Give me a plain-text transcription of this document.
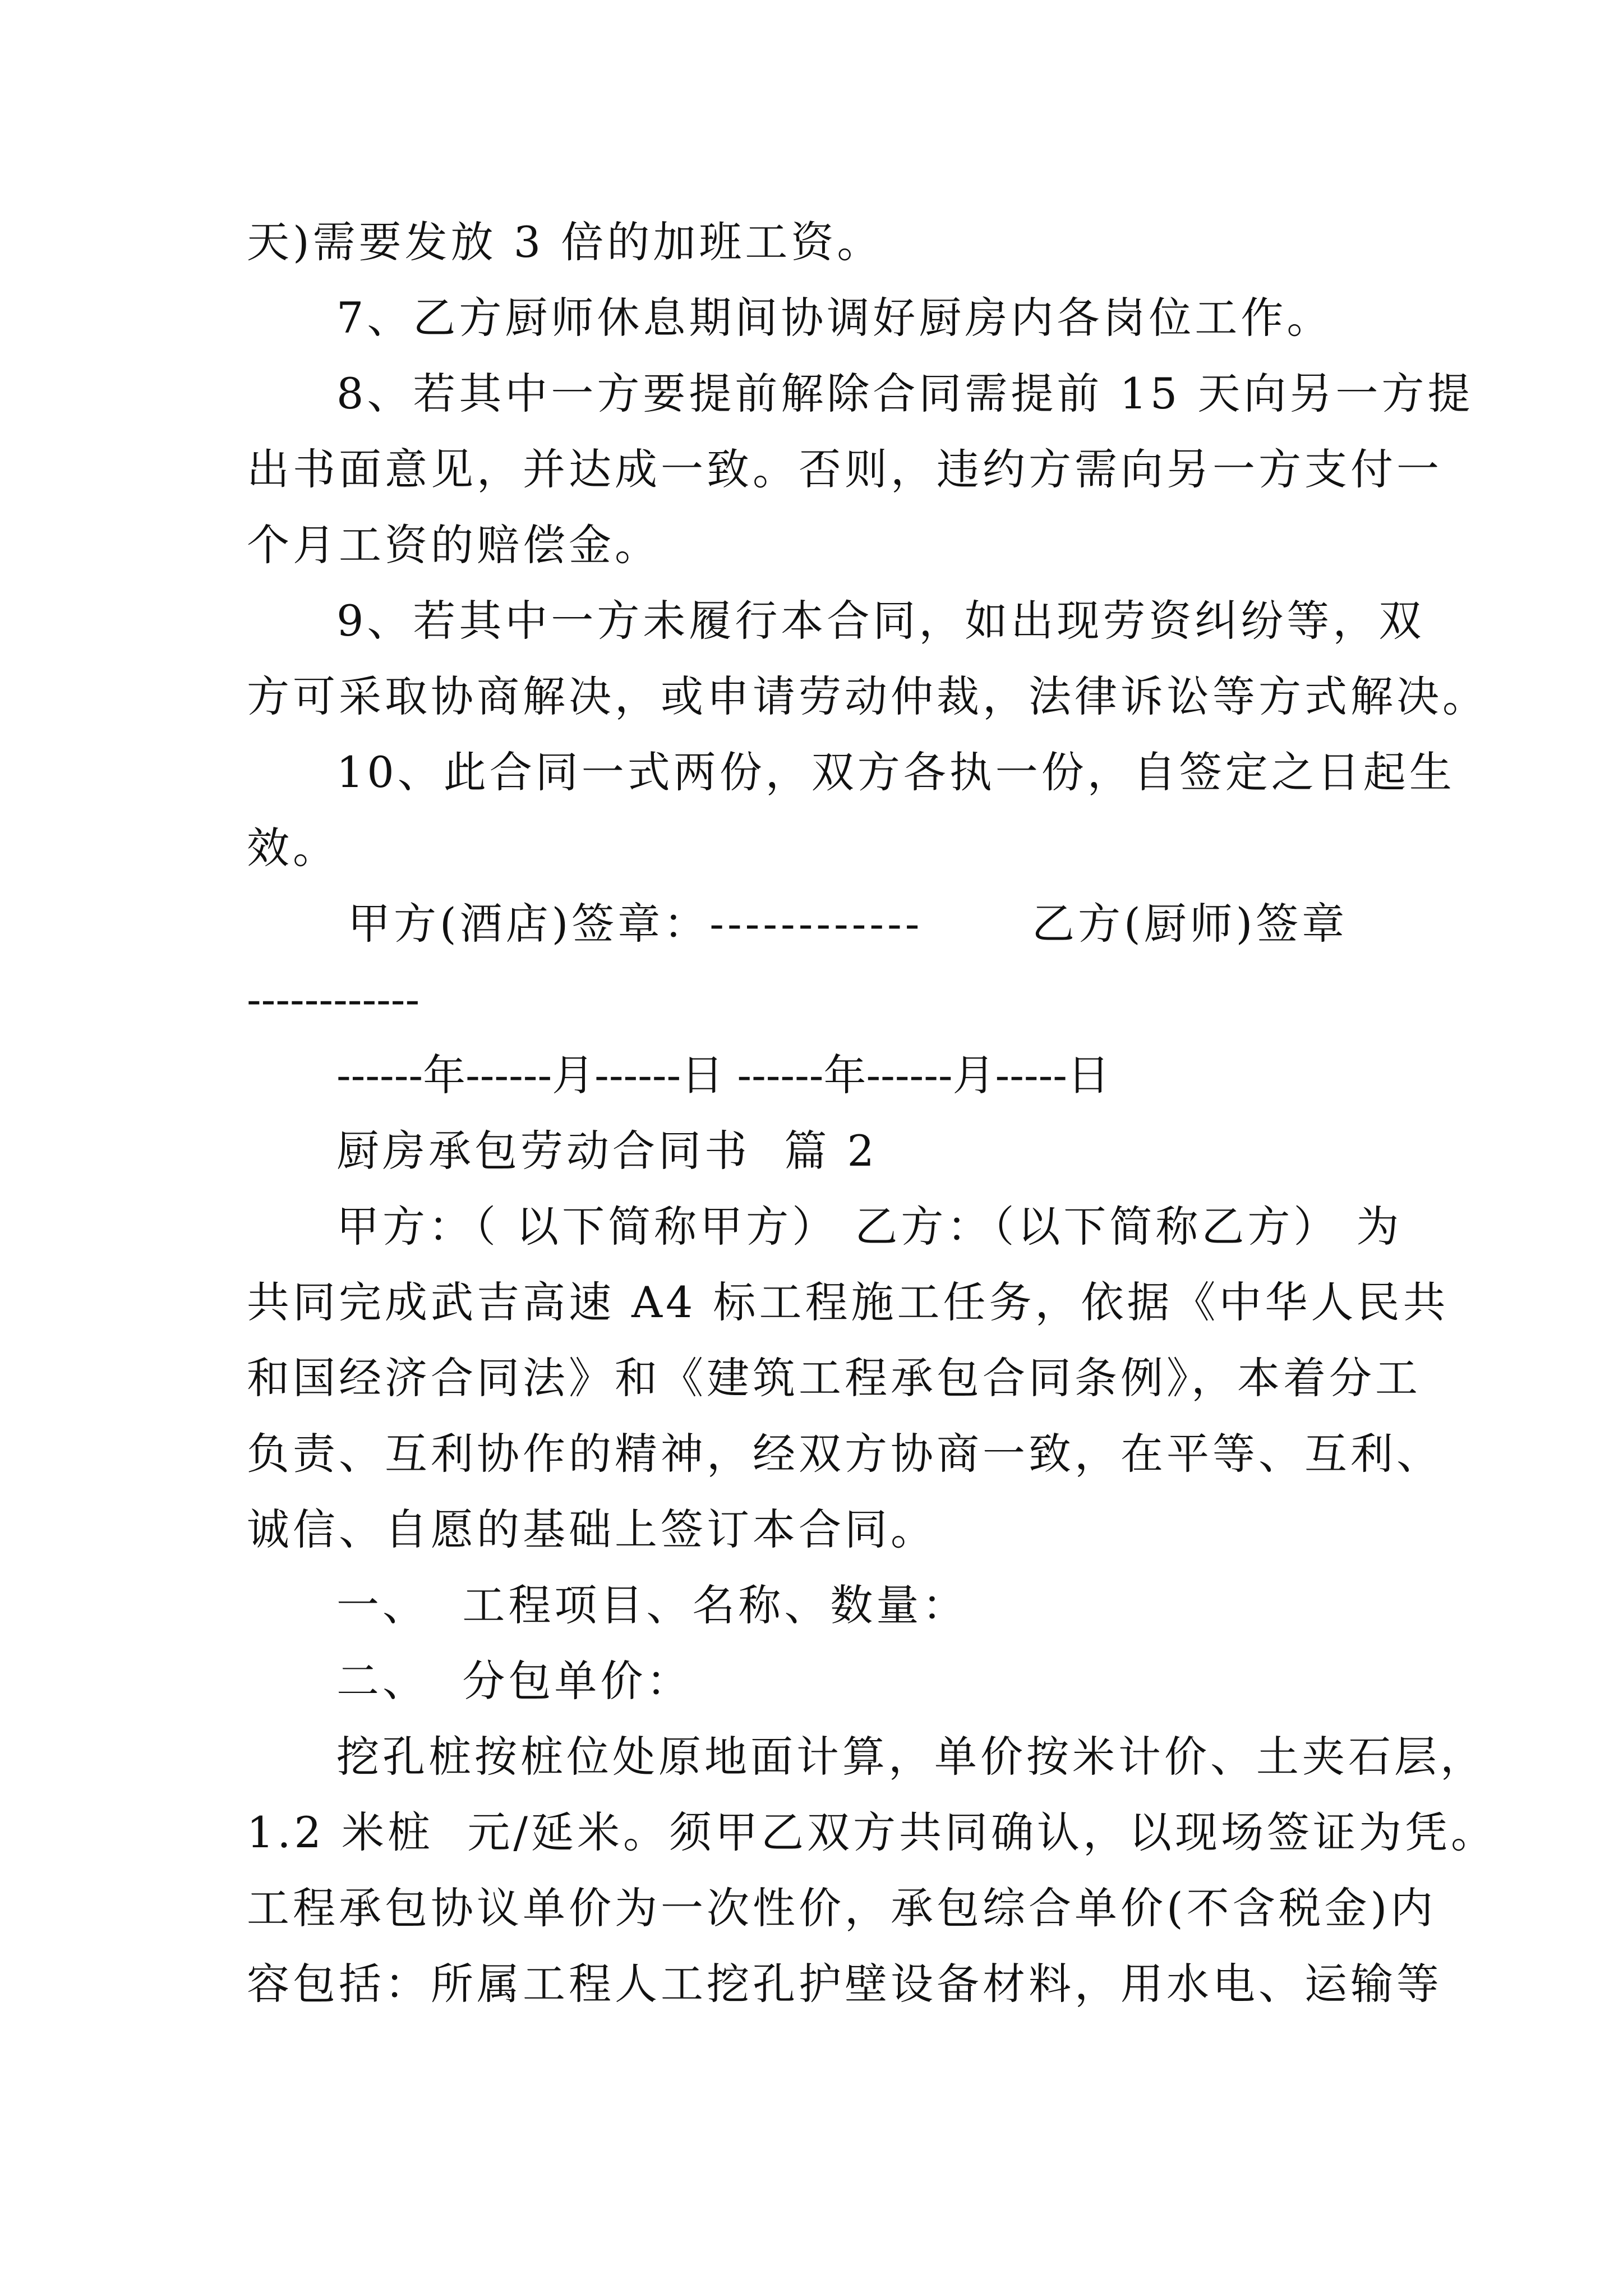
天)需要发放 3 倍的加班工资。
7、乙方厨师休息期间协调好厨房内各岗位工作。
8、若其中一方要提前解除合同需提前 15 天向另一方提
出书面意见，并达成一致。否则，违约方需向另一方支付一
个月工资的赔偿金。
9、若其中一方未履行本合同，如出现劳资纠纷等，双
方可采取协商解决，或申请劳动仲裁，法律诉讼等方式解决。
10、此合同一式两份，双方各执一份，自签定之日起生
效。
甲方(酒店)签章：------------	乙方(厨师)签章
------------
------年------月------日 ------年------月-----日
厨房承包劳动合同书  篇 2
甲方：（ 以下简称甲方） 乙方：（以下简称乙方） 为
共同完成武吉高速 A4 标工程施工任务，依据《中华人民共
和国经济合同法》和《建筑工程承包合同条例》，本着分工
负责、互利协作的精神，经双方协商一致，在平等、互利、
诚信、自愿的基础上签订本合同。
一、  工程项目、名称、数量：
二、  分包单价：
挖孔桩按桩位处原地面计算，单价按米计价、土夹石层，
1.2 米桩  元/延米。须甲乙双方共同确认，以现场签证为凭。
工程承包协议单价为一次性价，承包综合单价(不含税金)内
容包括：所属工程人工挖孔护壁设备材料，用水电、运输等
